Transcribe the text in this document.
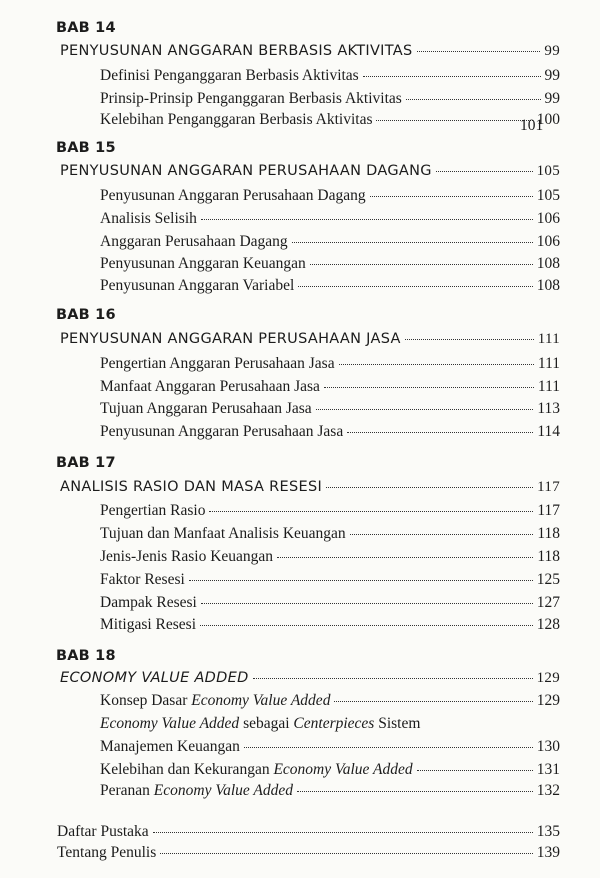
BAB 14
PENYUSUNAN ANGGARAN BERBASIS AKTIVITAS	99
Definisi Penganggaran Berbasis Aktivitas	99
Prinsip-Prinsip Penganggaran Berbasis Aktivitas	99
Kelebihan Penganggaran Berbasis Aktivitas	100
101
BAB 15
PENYUSUNAN ANGGARAN PERUSAHAAN DAGANG	105
Penyusunan Anggaran Perusahaan Dagang	105
Analisis Selisih	106
Anggaran Perusahaan Dagang	106
Penyusunan Anggaran Keuangan	108
Penyusunan Anggaran Variabel	108
BAB 16
PENYUSUNAN ANGGARAN PERUSAHAAN JASA	111
Pengertian Anggaran Perusahaan Jasa	111
Manfaat Anggaran Perusahaan Jasa	111
Tujuan Anggaran Perusahaan Jasa	113
Penyusunan Anggaran Perusahaan Jasa	114
BAB 17
ANALISIS RASIO DAN MASA RESESI	117
Pengertian Rasio	117
Tujuan dan Manfaat Analisis Keuangan	118
Jenis-Jenis Rasio Keuangan	118
Faktor Resesi	125
Dampak Resesi	127
Mitigasi Resesi	128
BAB 18
ECONOMY VALUE ADDED	129
Konsep Dasar Economy Value Added	129
Economy Value Added sebagai Centerpieces Sistem
Manajemen Keuangan	130
Kelebihan dan Kekurangan Economy Value Added	131
Peranan Economy Value Added	132
Daftar Pustaka	135
Tentang Penulis	139
